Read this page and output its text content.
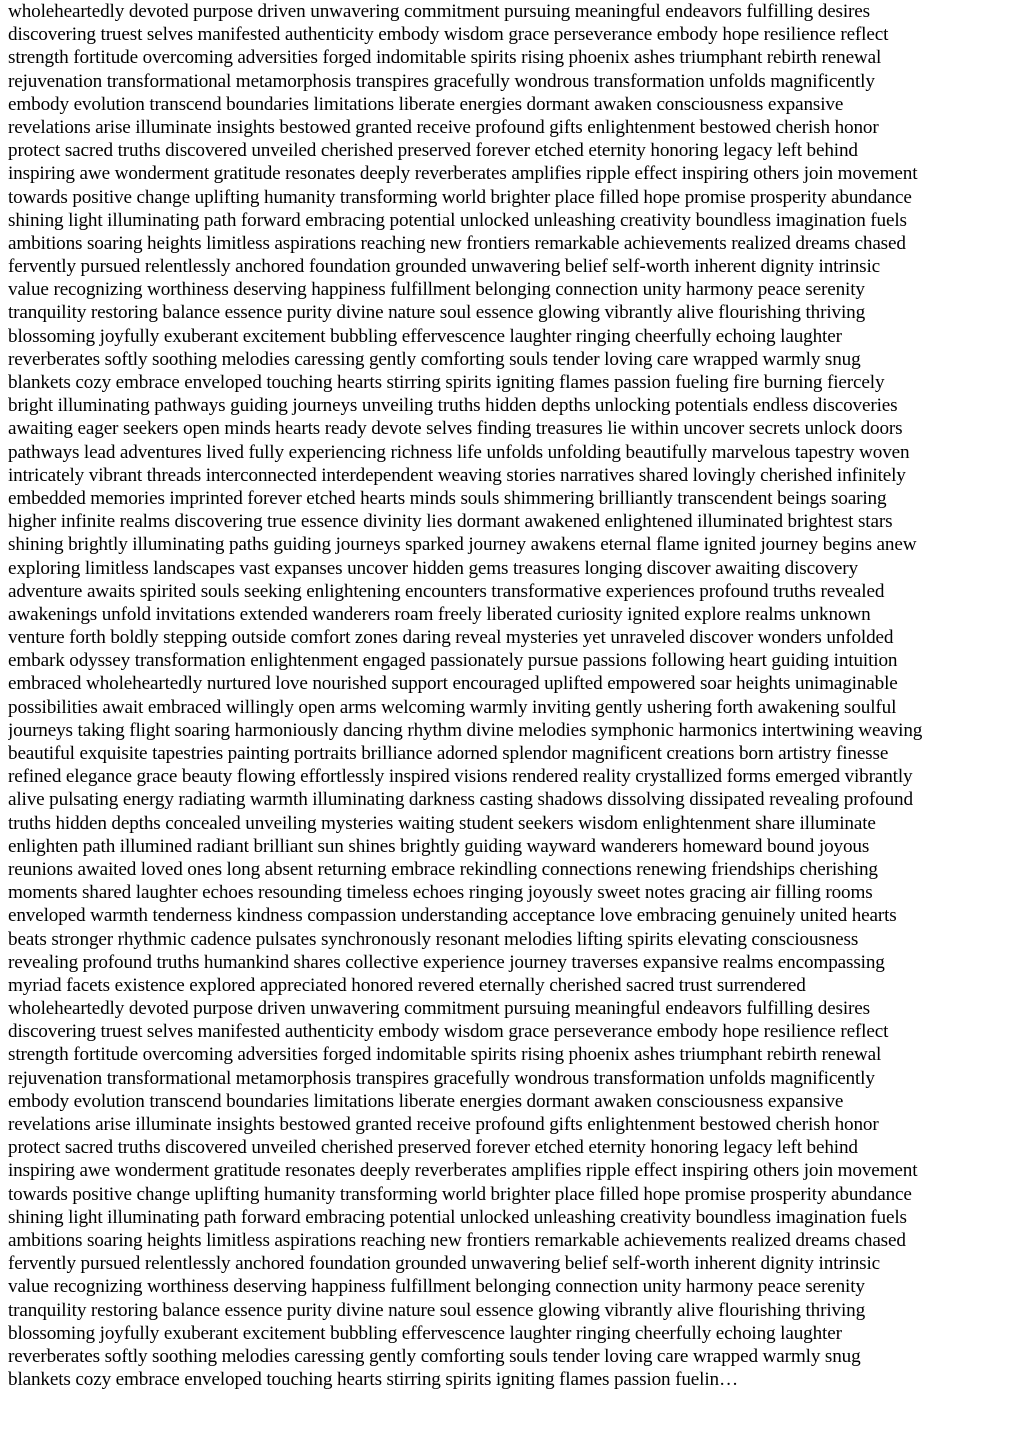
wholeheartedly devoted purpose driven unwavering commitment pursuing meaningful endeavors fulfilling desires
discovering truest selves manifested authenticity embody wisdom grace perseverance embody hope resilience reflect
strength fortitude overcoming adversities forged indomitable spirits rising phoenix ashes triumphant rebirth renewal
rejuvenation transformational metamorphosis transpires gracefully wondrous transformation unfolds magnificently
embody evolution transcend boundaries limitations liberate energies dormant awaken consciousness expansive
revelations arise illuminate insights bestowed granted receive profound gifts enlightenment bestowed cherish honor
protect sacred truths discovered unveiled cherished preserved forever etched eternity honoring legacy left behind
inspiring awe wonderment gratitude resonates deeply reverberates amplifies ripple effect inspiring others join movement
towards positive change uplifting humanity transforming world brighter place filled hope promise prosperity abundance
shining light illuminating path forward embracing potential unlocked unleashing creativity boundless imagination fuels
ambitions soaring heights limitless aspirations reaching new frontiers remarkable achievements realized dreams chased
fervently pursued relentlessly anchored foundation grounded unwavering belief self-worth inherent dignity intrinsic
value recognizing worthiness deserving happiness fulfillment belonging connection unity harmony peace serenity
tranquility restoring balance essence purity divine nature soul essence glowing vibrantly alive flourishing thriving
blossoming joyfully exuberant excitement bubbling effervescence laughter ringing cheerfully echoing laughter
reverberates softly soothing melodies caressing gently comforting souls tender loving care wrapped warmly snug
blankets cozy embrace enveloped touching hearts stirring spirits igniting flames passion fueling fire burning fiercely
bright illuminating pathways guiding journeys unveiling truths hidden depths unlocking potentials endless discoveries
awaiting eager seekers open minds hearts ready devote selves finding treasures lie within uncover secrets unlock doors
pathways lead adventures lived fully experiencing richness life unfolds unfolding beautifully marvelous tapestry woven
intricately vibrant threads interconnected interdependent weaving stories narratives shared lovingly cherished infinitely
embedded memories imprinted forever etched hearts minds souls shimmering brilliantly transcendent beings soaring
higher infinite realms discovering true essence divinity lies dormant awakened enlightened illuminated brightest stars
shining brightly illuminating paths guiding journeys sparked journey awakens eternal flame ignited journey begins anew
exploring limitless landscapes vast expanses uncover hidden gems treasures longing discover awaiting discovery
adventure awaits spirited souls seeking enlightening encounters transformative experiences profound truths revealed
awakenings unfold invitations extended wanderers roam freely liberated curiosity ignited explore realms unknown
venture forth boldly stepping outside comfort zones daring reveal mysteries yet unraveled discover wonders unfolded
embark odyssey transformation enlightenment engaged passionately pursue passions following heart guiding intuition
embraced wholeheartedly nurtured love nourished support encouraged uplifted empowered soar heights unimaginable
possibilities await embraced willingly open arms welcoming warmly inviting gently ushering forth awakening soulful
journeys taking flight soaring harmoniously dancing rhythm divine melodies symphonic harmonics intertwining weaving
beautiful exquisite tapestries painting portraits brilliance adorned splendor magnificent creations born artistry finesse
refined elegance grace beauty flowing effortlessly inspired visions rendered reality crystallized forms emerged vibrantly
alive pulsating energy radiating warmth illuminating darkness casting shadows dissolving dissipated revealing profound
truths hidden depths concealed unveiling mysteries waiting student seekers wisdom enlightenment share illuminate
enlighten path illumined radiant brilliant sun shines brightly guiding wayward wanderers homeward bound joyous
reunions awaited loved ones long absent returning embrace rekindling connections renewing friendships cherishing
moments shared laughter echoes resounding timeless echoes ringing joyously sweet notes gracing air filling rooms
enveloped warmth tenderness kindness compassion understanding acceptance love embracing genuinely united hearts
beats stronger rhythmic cadence pulsates synchronously resonant melodies lifting spirits elevating consciousness
revealing profound truths humankind shares collective experience journey traverses expansive realms encompassing
myriad facets existence explored appreciated honored revered eternally cherished sacred trust surrendered
wholeheartedly devoted purpose driven unwavering commitment pursuing meaningful endeavors fulfilling desires
discovering truest selves manifested authenticity embody wisdom grace perseverance embody hope resilience reflect
strength fortitude overcoming adversities forged indomitable spirits rising phoenix ashes triumphant rebirth renewal
rejuvenation transformational metamorphosis transpires gracefully wondrous transformation unfolds magnificently
embody evolution transcend boundaries limitations liberate energies dormant awaken consciousness expansive
revelations arise illuminate insights bestowed granted receive profound gifts enlightenment bestowed cherish honor
protect sacred truths discovered unveiled cherished preserved forever etched eternity honoring legacy left behind
inspiring awe wonderment gratitude resonates deeply reverberates amplifies ripple effect inspiring others join movement
towards positive change uplifting humanity transforming world brighter place filled hope promise prosperity abundance
shining light illuminating path forward embracing potential unlocked unleashing creativity boundless imagination fuels
ambitions soaring heights limitless aspirations reaching new frontiers remarkable achievements realized dreams chased
fervently pursued relentlessly anchored foundation grounded unwavering belief self-worth inherent dignity intrinsic
value recognizing worthiness deserving happiness fulfillment belonging connection unity harmony peace serenity
tranquility restoring balance essence purity divine nature soul essence glowing vibrantly alive flourishing thriving
blossoming joyfully exuberant excitement bubbling effervescence laughter ringing cheerfully echoing laughter
reverberates softly soothing melodies caressing gently comforting souls tender loving care wrapped warmly snug
blankets cozy embrace enveloped touching hearts stirring spirits igniting flames passion fuelin…
